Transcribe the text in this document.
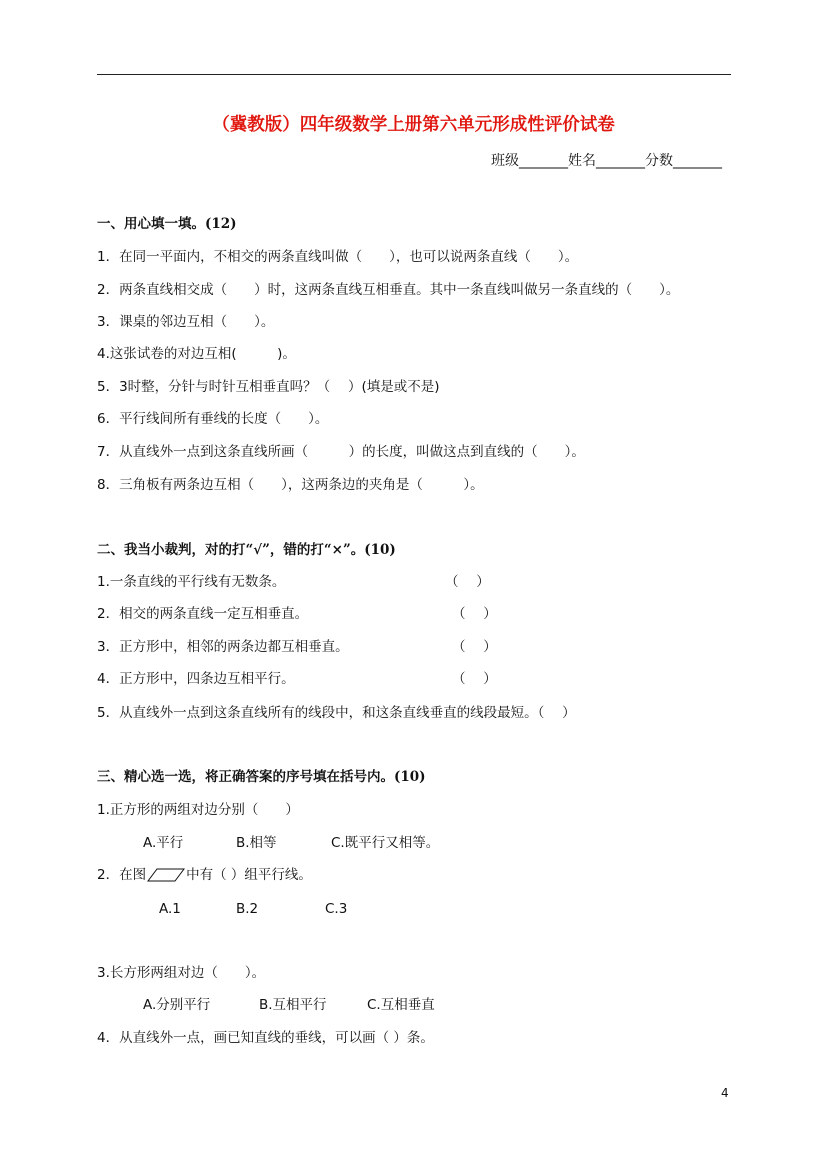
（冀教版）四年级数学上册第六单元形成性评价试卷
班级_______姓名_______分数_______
一、用心填一填。(12)
1．在同一平面内，不相交的两条直线叫做（　　），也可以说两条直线（　　）。
2．两条直线相交成（　　）时，这两条直线互相垂直。其中一条直线叫做另一条直线的（　　）。
3．课桌的邻边互相（　　）。
4.这张试卷的对边互相(　　　)。
5．3时整，分针与时针互相垂直吗？（　 ）(填是或不是)
6．平行线间所有垂线的长度（　　）。
7．从直线外一点到这条直线所画（　　　）的长度，叫做这点到直线的（　　）。
8．三角板有两条边互相（　　），这两条边的夹角是（　　　）。
二、我当小裁判，对的打“√”，错的打“×”。(10)
1.一条直线的平行线有无数条。	（　 ）
2．相交的两条直线一定互相垂直。	（　 ）
3．正方形中，相邻的两条边都互相垂直。	（　 ）
4．正方形中，四条边互相平行。	（　 ）
5．从直线外一点到这条直线所有的线段中，和这条直线垂直的线段最短。（　 ）
三、精心选一选，将正确答案的序号填在括号内。(10)
1.正方形的两组对边分别（　　）
A.平行	B.相等	C.既平行又相等。
2．在图	中有（ ）组平行线。
A.1	B.2	C.3
3.长方形两组对边（　　）。
A.分别平行	B.互相平行	C.互相垂直
4．从直线外一点，画已知直线的垂线，可以画（ ）条。
4
